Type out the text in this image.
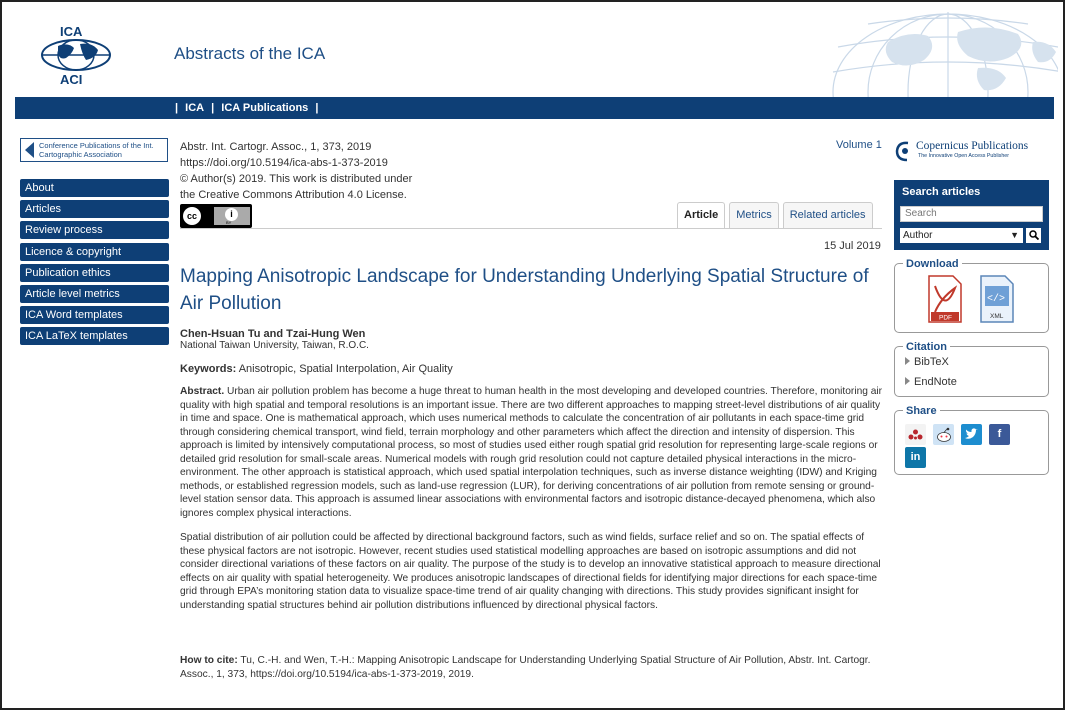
ICA
ACI
Abstracts of the ICA
| ICA | ICA Publications |
Conference Publications of the Int. Cartographic Association
About
Articles
Review process
Licence & copyright
Publication ethics
Article level metrics
ICA Word templates
ICA LaTeX templates
Abstr. Int. Cartogr. Assoc., 1, 373, 2019
https://doi.org/10.5194/ica-abs-1-373-2019
© Author(s) 2019. This work is distributed under
the Creative Commons Attribution 4.0 License.
cc	i
BY
Volume 1
Article	Metrics	Related articles
15 Jul 2019
Mapping Anisotropic Landscape for Understanding Underlying Spatial Structure of Air Pollution
Chen-Hsuan Tu and Tzai-Hung Wen
National Taiwan University, Taiwan, R.O.C.
Keywords: Anisotropic, Spatial Interpolation, Air Quality

Abstract. Urban air pollution problem has become a huge threat to human health in the most developing and developed countries. Therefore, monitoring air quality with high spatial and temporal resolutions is an important issue. There are two different approaches to mapping street-level distributions of air quality in time and space. One is mathematical approach, which uses numerical methods to calculate the concentration of air pollutants in each space-time grid through considering chemical transport, wind field, terrain morphology and other parameters which affect the direction and intensity of dispersion. This approach is limited by intensively computational process, so most of studies used either rough spatial grid resolution for representing large-scale regions or detailed grid resolution for small-scale areas. Numerical models with rough grid resolution could not capture detailed physical interactions in the micro-environment. The other approach is statistical approach, which used spatial interpolation techniques, such as inverse distance weighting (IDW) and Kriging methods, or established regression models, such as land-use regression (LUR), for deriving concentrations of air pollution from remote sensing or ground-level station sensor data. This approach is assumed linear associations with environmental factors and isotropic distance-decayed phenomena, which also ignores complex physical interactions.

Spatial distribution of air pollution could be affected by directional background factors, such as wind fields, surface relief and so on. The spatial effects of these physical factors are not isotropic. However, recent studies used statistical modelling approaches are based on isotropic assumptions and did not consider directional variations of these factors on air quality. The purpose of the study is to develop an innovative statistical approach to measure directional effects on air quality with spatial heterogeneity. We produces anisotropic landscapes of directional fields for identifying major directions for each space-time grid through EPA’s monitoring station data to visualize space-time trend of air quality changing with directions. This study provides significant insight for understanding spatial structures behind air pollution distributions influenced by directional physical factors.

How to cite: Tu, C.-H. and Wen, T.-H.: Mapping Anisotropic Landscape for Understanding Underlying Spatial Structure of Air Pollution, Abstr. Int. Cartogr. Assoc., 1, 373, https://doi.org/10.5194/ica-abs-1-373-2019, 2019.
Copernicus Publications
The Innovative Open Access Publisher
Search articles
Search
Author	▼
Download
PDF
</>
XML
Citation
BibTeX
EndNote
Share
f
in
